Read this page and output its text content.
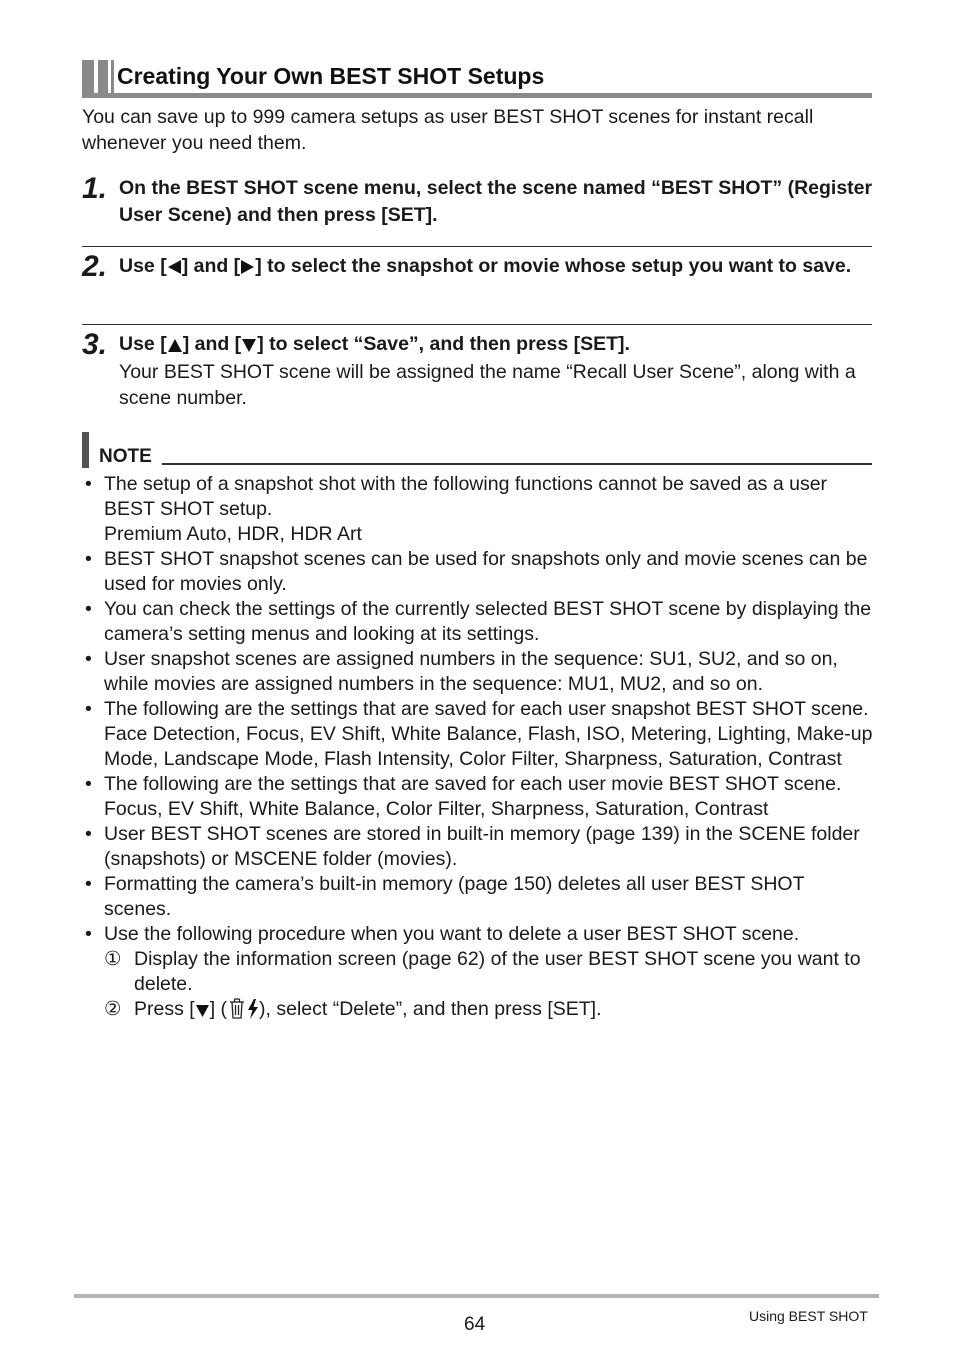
Creating Your Own BEST SHOT Setups
You can save up to 999 camera setups as user BEST SHOT scenes for instant recall whenever you need them.
1. On the BEST SHOT scene menu, select the scene named “BEST SHOT” (Register User Scene) and then press [SET].
2. Use [ ] and [ ] to select the snapshot or movie whose setup you want to save.
3. Use [ ] and [ ] to select “Save”, and then press [SET].
Your BEST SHOT scene will be assigned the name “Recall User Scene”, along with a scene number.
NOTE
• The setup of a snapshot shot with the following functions cannot be saved as a user BEST SHOT setup.
Premium Auto, HDR, HDR Art
• BEST SHOT snapshot scenes can be used for snapshots only and movie scenes can be used for movies only.
• You can check the settings of the currently selected BEST SHOT scene by displaying the camera’s setting menus and looking at its settings.
• User snapshot scenes are assigned numbers in the sequence: SU1, SU2, and so on, while movies are assigned numbers in the sequence: MU1, MU2, and so on.
• The following are the settings that are saved for each user snapshot BEST SHOT scene.
Face Detection, Focus, EV Shift, White Balance, Flash, ISO, Metering, Lighting, Make-up Mode, Landscape Mode, Flash Intensity, Color Filter, Sharpness, Saturation, Contrast
• The following are the settings that are saved for each user movie BEST SHOT scene.
Focus, EV Shift, White Balance, Color Filter, Sharpness, Saturation, Contrast
• User BEST SHOT scenes are stored in built-in memory (page 139) in the SCENE folder (snapshots) or MSCENE folder (movies).
• Formatting the camera’s built-in memory (page 150) deletes all user BEST SHOT scenes.
• Use the following procedure when you want to delete a user BEST SHOT scene.
① Display the information screen (page 62) of the user BEST SHOT scene you want to delete.
② Press [ ] ( ), select “Delete”, and then press [SET].
64	Using BEST SHOT
